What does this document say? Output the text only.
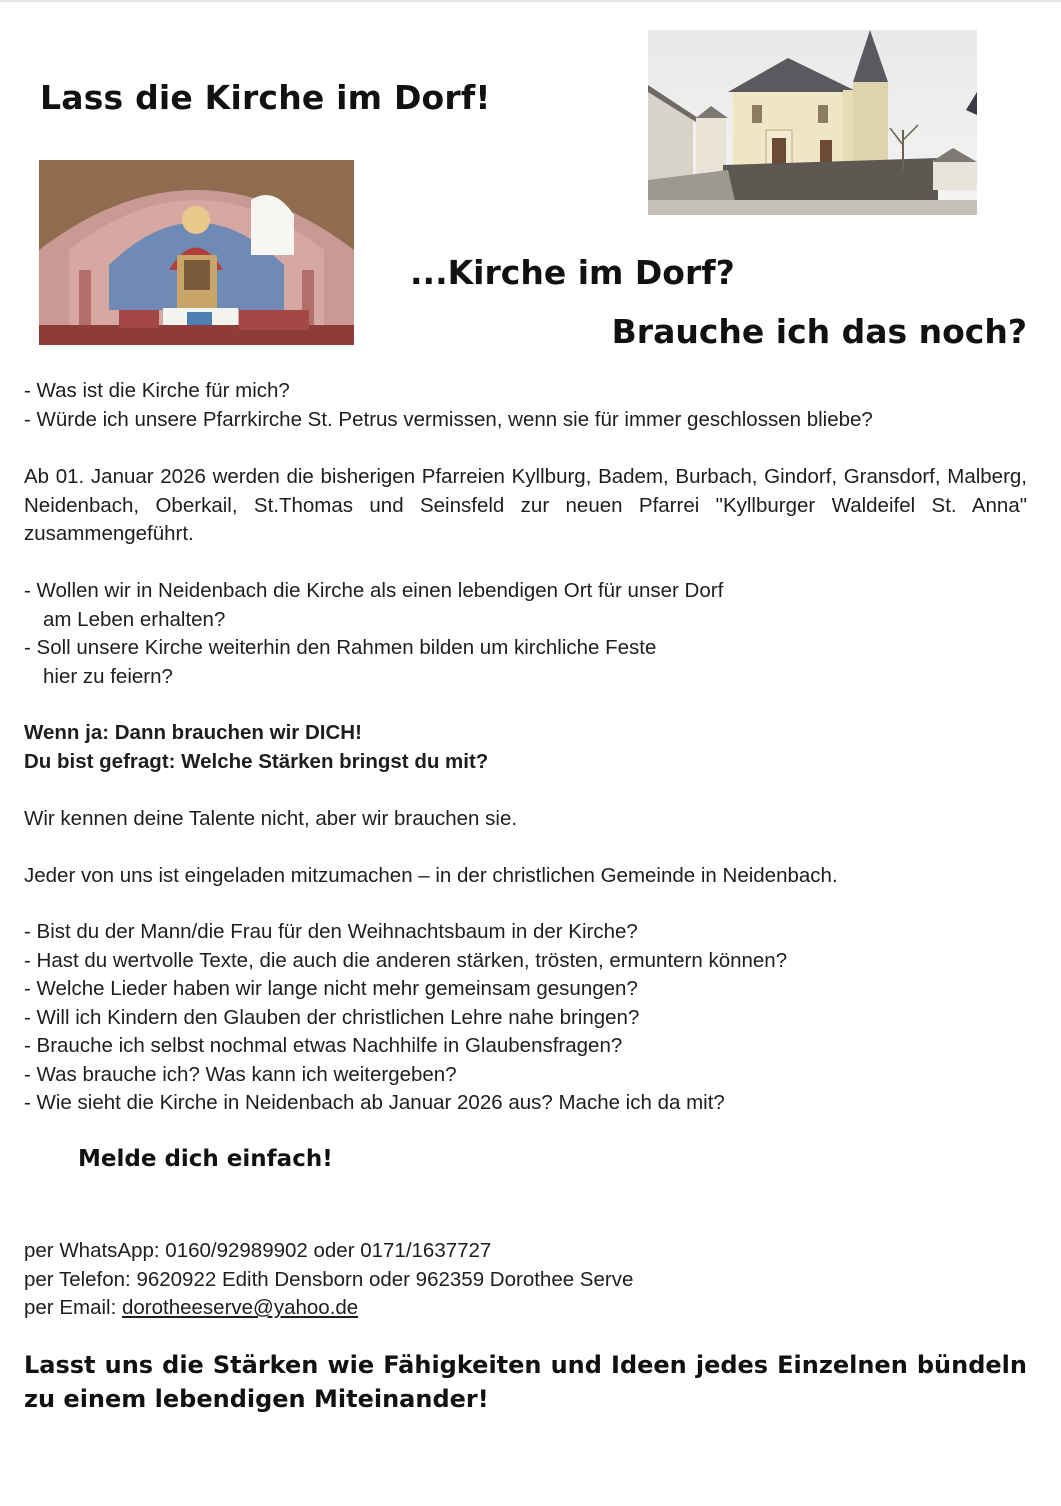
Lass die Kirche im Dorf!
...Kirche im Dorf?
Brauche ich das noch?

- Was ist die Kirche für mich?

- Würde ich unsere Pfarrkirche St. Petrus vermissen, wenn sie für immer geschlossen bliebe?

Ab 01. Januar 2026 werden die bisherigen Pfarreien Kyllburg, Badem, Burbach, Gindorf, Gransdorf, Malberg, Neidenbach, Oberkail, St.Thomas und Seinsfeld zur neuen Pfarrei "Kyllburger Waldeifel St. Anna" zusammengeführt.

- Wollen wir in Neidenbach die Kirche als einen lebendigen Ort für unser Dorf

am Leben erhalten?

- Soll unsere Kirche weiterhin den Rahmen bilden um kirchliche Feste

hier zu feiern?

Wenn ja: Dann brauchen wir DICH!

Du bist gefragt: Welche Stärken bringst du mit?

Wir kennen deine Talente nicht, aber wir brauchen sie.

Jeder von uns ist eingeladen mitzumachen – in der christlichen Gemeinde in Neidenbach.

- Bist du der Mann/die Frau für den Weihnachtsbaum in der Kirche?

- Hast du wertvolle Texte, die auch die anderen stärken, trösten, ermuntern können?

- Welche Lieder haben wir lange nicht mehr gemeinsam gesungen?

- Will ich Kindern den Glauben der christlichen Lehre nahe bringen?

- Brauche ich selbst nochmal etwas Nachhilfe in Glaubensfragen?

- Was brauche ich? Was kann ich weitergeben?

- Wie sieht die Kirche in Neidenbach ab Januar 2026 aus? Mache ich da mit?

Melde dich einfach!

per WhatsApp: 0160/92989902 oder 0171/1637727

per Telefon: 9620922 Edith Densborn oder 962359 Dorothee Serve

per Email: dorotheeserve@yahoo.de

Lasst uns die Stärken wie Fähigkeiten und Ideen jedes Einzelnen bündeln zu einem lebendigen Miteinander!
